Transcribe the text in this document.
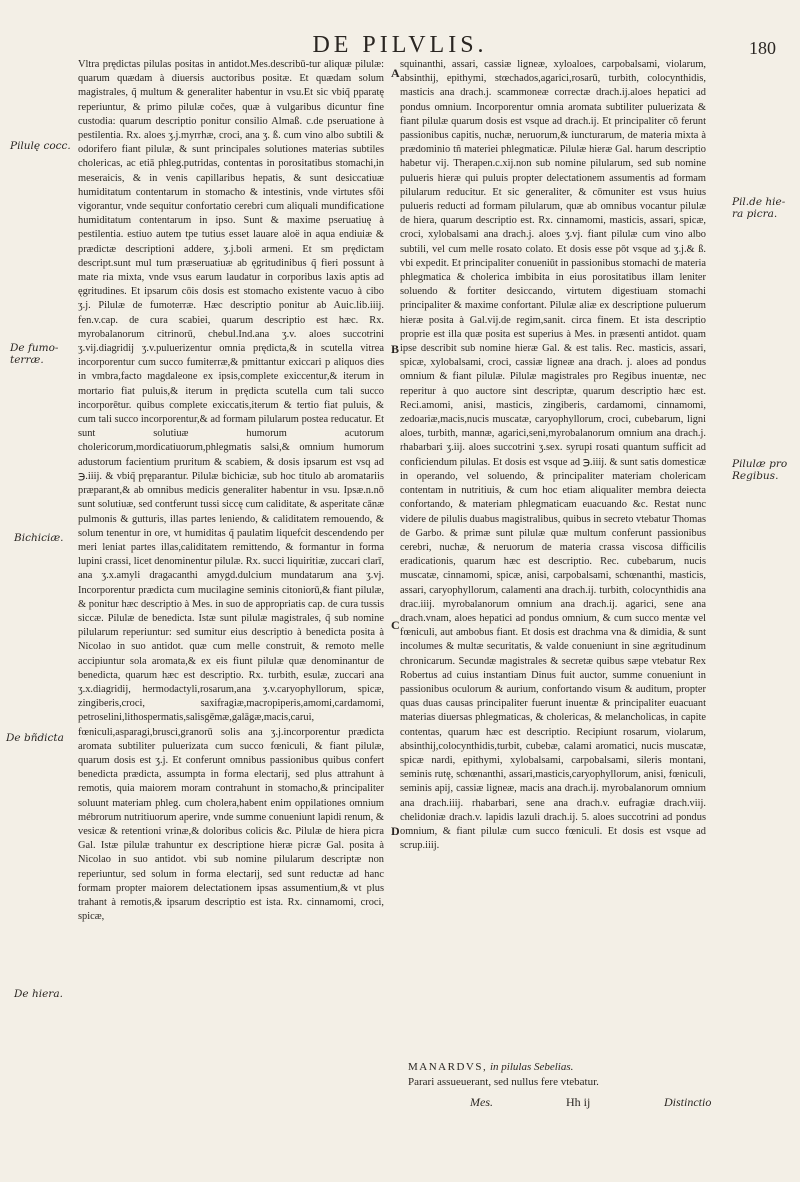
DE PILVLIS.	180
Pilulę cocc.
De fumo-terræ.
Bichiciæ.
De bñdicta
De hiera.
Pil.de hie-ra picra.
Pilulæ pro Regibus.
A
B
C
D

Vltra prędictas pilulas positas in antidot.Mes.describū-tur aliquæ pilulæ: quarum quædam à diuersis auctoribus positæ. Et quædam solum magistrales, q̃ multum & generaliter habentur in vsu.Et sic vbiq̃ pparatę reperiuntur, & primo pilulæ cočes, quæ à vulgaribus dicuntur fine custodia: quarum descriptio ponitur consilio Almaß. c.de pseruatione à pestilentia. Rx. aloes ʒ.j.myrrhæ, croci, ana ʒ. ß. cum vino albo subtili & odorifero fiant pilulæ, & sunt principales solutiones materias subtiles cholericas, ac etiā phleg.putridas, contentas in porositatibus stomachi,in meseraicis, & in venis capillaribus hepatis, & sunt desiccatiuæ humiditatum contentarum in stomacho & intestinis, vnde virtutes sfōi vigorantur, vnde sequitur confortatio cerebri cum aliquali mundificatione humiditatum contentarum in ipso. Sunt & maxime pseruatiuę à pestilentia. estiuo autem tpe tutius esset lauare aloë in aqua endiuiæ & prædictæ descriptioni addere, ʒ.j.boli armeni. Et sm prędictam descript.sunt mul tum præseruatiuæ ab ęgritudinibus q̃ fieri possunt à mate ria mixta, vnde vsus earum laudatur in corporibus laxis aptis ad ęgritudines. Et ipsarum cōis dosis est stomacho existente vacuo à cibo ʒ.j. Pilulæ de fumoterræ. Hæc descriptio ponitur ab Auic.lib.iiij. fen.v.cap. de cura scabiei, quarum descriptio est hæc. Rx. myrobalanorum citrinorū, chebul.Ind.ana ʒ.v. aloes succotrini ʒ.vij.diagridij ʒ.v.puluerizentur omnia prędicta,& in scutella vitrea incorporentur cum succo fumiterræ,& pmittantur exiccari p aliquos dies in vmbra,facto magdaleone ex ipsis,complete exiccentur,& iterum in mortario fiat puluis,& iterum in prędicta scutella cum tali succo incorporētur. quibus complete exiccatis,iterum & tertio fiat puluis, & cum tali succo incorporentur,& ad formam pilularum postea reducatur. Et sunt solutiuæ humorum acutorum cholericorum,mordicatiuorum,phlegmatis salsi,& omnium humorum adustorum facientium pruritum & scabiem, & dosis ipsarum est vsq ad ℈.iiij. & vbiq̃ pręparantur. Pilulæ bichiciæ, sub hoc titulo ab aromatariis præparant,& ab omnibus medicis generaliter habentur in vsu. Ipsæ.n.nō sunt solutiuæ, sed contferunt tussi siccę cum caliditate, & asperitate cānæ pulmonis & gutturis, illas partes leniendo, & caliditatem remouendo, & solum tenentur in ore, vt humiditas q̃ paulatim liquefcit descendendo per meri leniat partes illas,caliditatem remittendo, & formantur in forma lupini crassi, licet denominentur pilulæ. Rx. succi liquiritiæ, zuccari clarī, ana ʒ.x.amyli dragacanthi amygd.dulcium mundatarum ana ʒ.vj. Incorporentur prædicta cum mucilagine seminis citoniorū,& fiant pilulæ, & ponitur hæc descriptio à Mes. in suo de appropriatis cap. de cura tussis siccæ. Pilulæ de benedicta. Istæ sunt pilulæ magistrales, q̃ sub nomine pilularum reperiuntur: sed sumitur eius descriptio à benedicta posita à Nicolao in suo antidot. quæ cum melle construit, & remoto melle accipiuntur sola aromata,& ex eis fiunt pilulæ quæ denominantur de benedicta, quarum hæc est descriptio. Rx. turbith, esulæ, zuccari ana ʒ.x.diagridij, hermodactyli,rosarum,ana ʒ.v.caryophyllorum, spicæ, zingiberis,croci, saxifragiæ,macropiperis,amomi,cardamomi, petroselini,lithospermatis,salisgēmæ,galāgæ,macis,carui, fœniculi,asparagi,brusci,granorū solis ana ʒ.j.incorporentur prædicta aromata subtiliter puluerizata cum succo fœniculi, & fiant pilulæ, quarum dosis est ʒ.j. Et conferunt omnibus passionibus quibus confert benedicta prædicta, assumpta in forma electarij, sed plus attrahunt à remotis, quia maiorem moram contrahunt in stomacho,& principaliter soluunt materiam phleg. cum cholera,habent enim oppilationes omnium mébrorum nutritiuorum aperire, vnde summe conueniunt lapidi renum, & vesicæ & retentioni vrinæ,& doloribus colicis &c. Pilulæ de hiera picra Gal. Istæ pilulæ trahuntur ex descriptione hieræ picræ Gal. posita à Nicolao in suo antidot. vbi sub nomine pilularum descriptæ non reperiuntur, sed solum in forma electarij, sed sunt reductæ ad hanc formam propter maiorem delectationem ipsas assumentium,& vt plus trahant à remotis,& ipsarum descriptio est ista. Rx. cinnamomi, croci, spicæ,

squinanthi, assari, cassiæ ligneæ, xyloaloes, carpobalsami, violarum, absinthij, epithymi, stœchados,agarici,rosarū, turbith, colocynthidis, masticis ana drach.j. scammoneæ correctæ drach.ij.aloes hepatici ad pondus omnium. Incorporentur omnia aromata subtiliter puluerizata & fiant pilulæ quarum dosis est vsque ad drach.ij. Et principaliter cō ferunt passionibus capitis, nuchæ, neruorum,& iuncturarum, de materia mixta à prædominio tñ materiei phlegmaticæ. Pilulæ hieræ Gal. harum descriptio habetur vij. Therapen.c.xij.non sub nomine pilularum, sed sub nomine pulueris hieræ qui puluis propter delectationem assumentis ad formam pilularum reducitur. Et sic generaliter, & cōmuniter est vsus huius pulueris reducti ad formam pilularum, quæ ab omnibus vocantur pilulæ de hiera, quarum descriptio est. Rx. cinnamomi, masticis, assari, spicæ, croci, xylobalsami ana drach.j. aloes ʒ.vj. fiant pilulæ cum vino albo subtili, vel cum melle rosato colato. Et dosis esse pōt vsque ad ʒ.j.& ß. vbi expedit. Et principaliter conueniūt in passionibus stomachi de materia phlegmatica & cholerica imbibita in eius porositatibus illam leniter soluendo & fortiter desiccando, virtutem digestiuam stomachi principaliter & maxime confortant. Pilulæ aliæ ex descriptione puluerum hieræ posita à Gal.vij.de regim,sanit. circa finem. Et ista descriptio proprie est illa quæ posita est superius à Mes. in præsenti antidot. quam ipse describit sub nomine hieræ Gal. & est talis. Rec. masticis, assari, spicæ, xylobalsami, croci, cassiæ ligneæ ana drach. j. aloes ad pondus omnium & fiant pilulæ. Pilulæ magistrales pro Regibus inuentæ, nec reperitur à quo auctore sint descriptæ, quarum descriptio hæc est. Reci.amomi, anisi, masticis, zingiberis, cardamomi, cinnamomi, zedoariæ,macis,nucis muscatæ, caryophyllorum, croci, cubebarum, ligni aloes, turbith, mannæ, agarici,seni,myrobalanorum omnium ana drach.j. rhabarbari ʒ.iij. aloes succotrini ʒ.sex. syrupi rosati quantum sufficit ad conficiendum pilulas. Et dosis est vsque ad ℈.iiij. & sunt satis domesticæ in operando, vel soluendo, & principaliter materiam cholericam contentam in nutritiuis, & cum hoc etiam aliqualiter membra deiecta confortando, & materiam phlegmaticam euacuando &c. Restat nunc videre de pilulis duabus magistralibus, quibus in secreto vtebatur Thomas de Garbo. & primæ sunt pilulæ quæ multum conferunt passionibus cerebri, nuchæ, & neruorum de materia crassa viscosa difficilis eradicationis, quarum hæc est descriptio. Rec. cubebarum, nucis muscatæ, cinnamomi, spicæ, anisi, carpobalsami, schœnanthi, masticis, assari, caryophyllorum, calamenti ana drach.ij. turbith, colocynthidis ana drac.iiij. myrobalanorum omnium ana drach.ij. agarici, sene ana drach.vnam, aloes hepatici ad pondus omnium, & cum succo mentæ vel fœniculi, aut ambobus fiant. Et dosis est drachma vna & dimidia, & sunt incolumes & multæ securitatis, & valde conueniunt in sine ægritudinum chronicarum. Secundæ magistrales & secretæ quibus sæpe vtebatur Rex Robertus ad cuius instantiam Dinus fuit auctor, summe conueniunt in passionibus oculorum & aurium, confortando visum & auditum, propter quas duas causas principaliter fuerunt inuentæ & principaliter euacuant materias diuersas phlegmaticas, & cholericas, & melancholicas, in capite contentas, quarum hæc est descriptio. Recipiunt rosarum, violarum, absinthij,colocynthidis,turbit, cubebæ, calami aromatici, nucis muscatæ, spicæ nardi, epithymi, xylobalsami, carpobalsami, sileris montani, seminis rutę, schœnanthi, assari,masticis,caryophyllorum, anisi, fœniculi, seminis apij, cassiæ ligneæ, macis ana drach.ij. myrobalanorum omnium ana drach.iiij. rhabarbari, sene ana drach.v. eufragiæ drach.viij. chelidoniæ drach.v. lapidis lazuli drach.ij. 5. aloes succotrini ad pondus omnium, & fiant pilulæ cum succo fœniculi. Et dosis est vsque ad scrup.iiij.

MANARDVS, in pilulas Sebelias.
Parari assueuerant, sed nullus fere vtebatur.
Mes.	Hh ij	Distinctio
